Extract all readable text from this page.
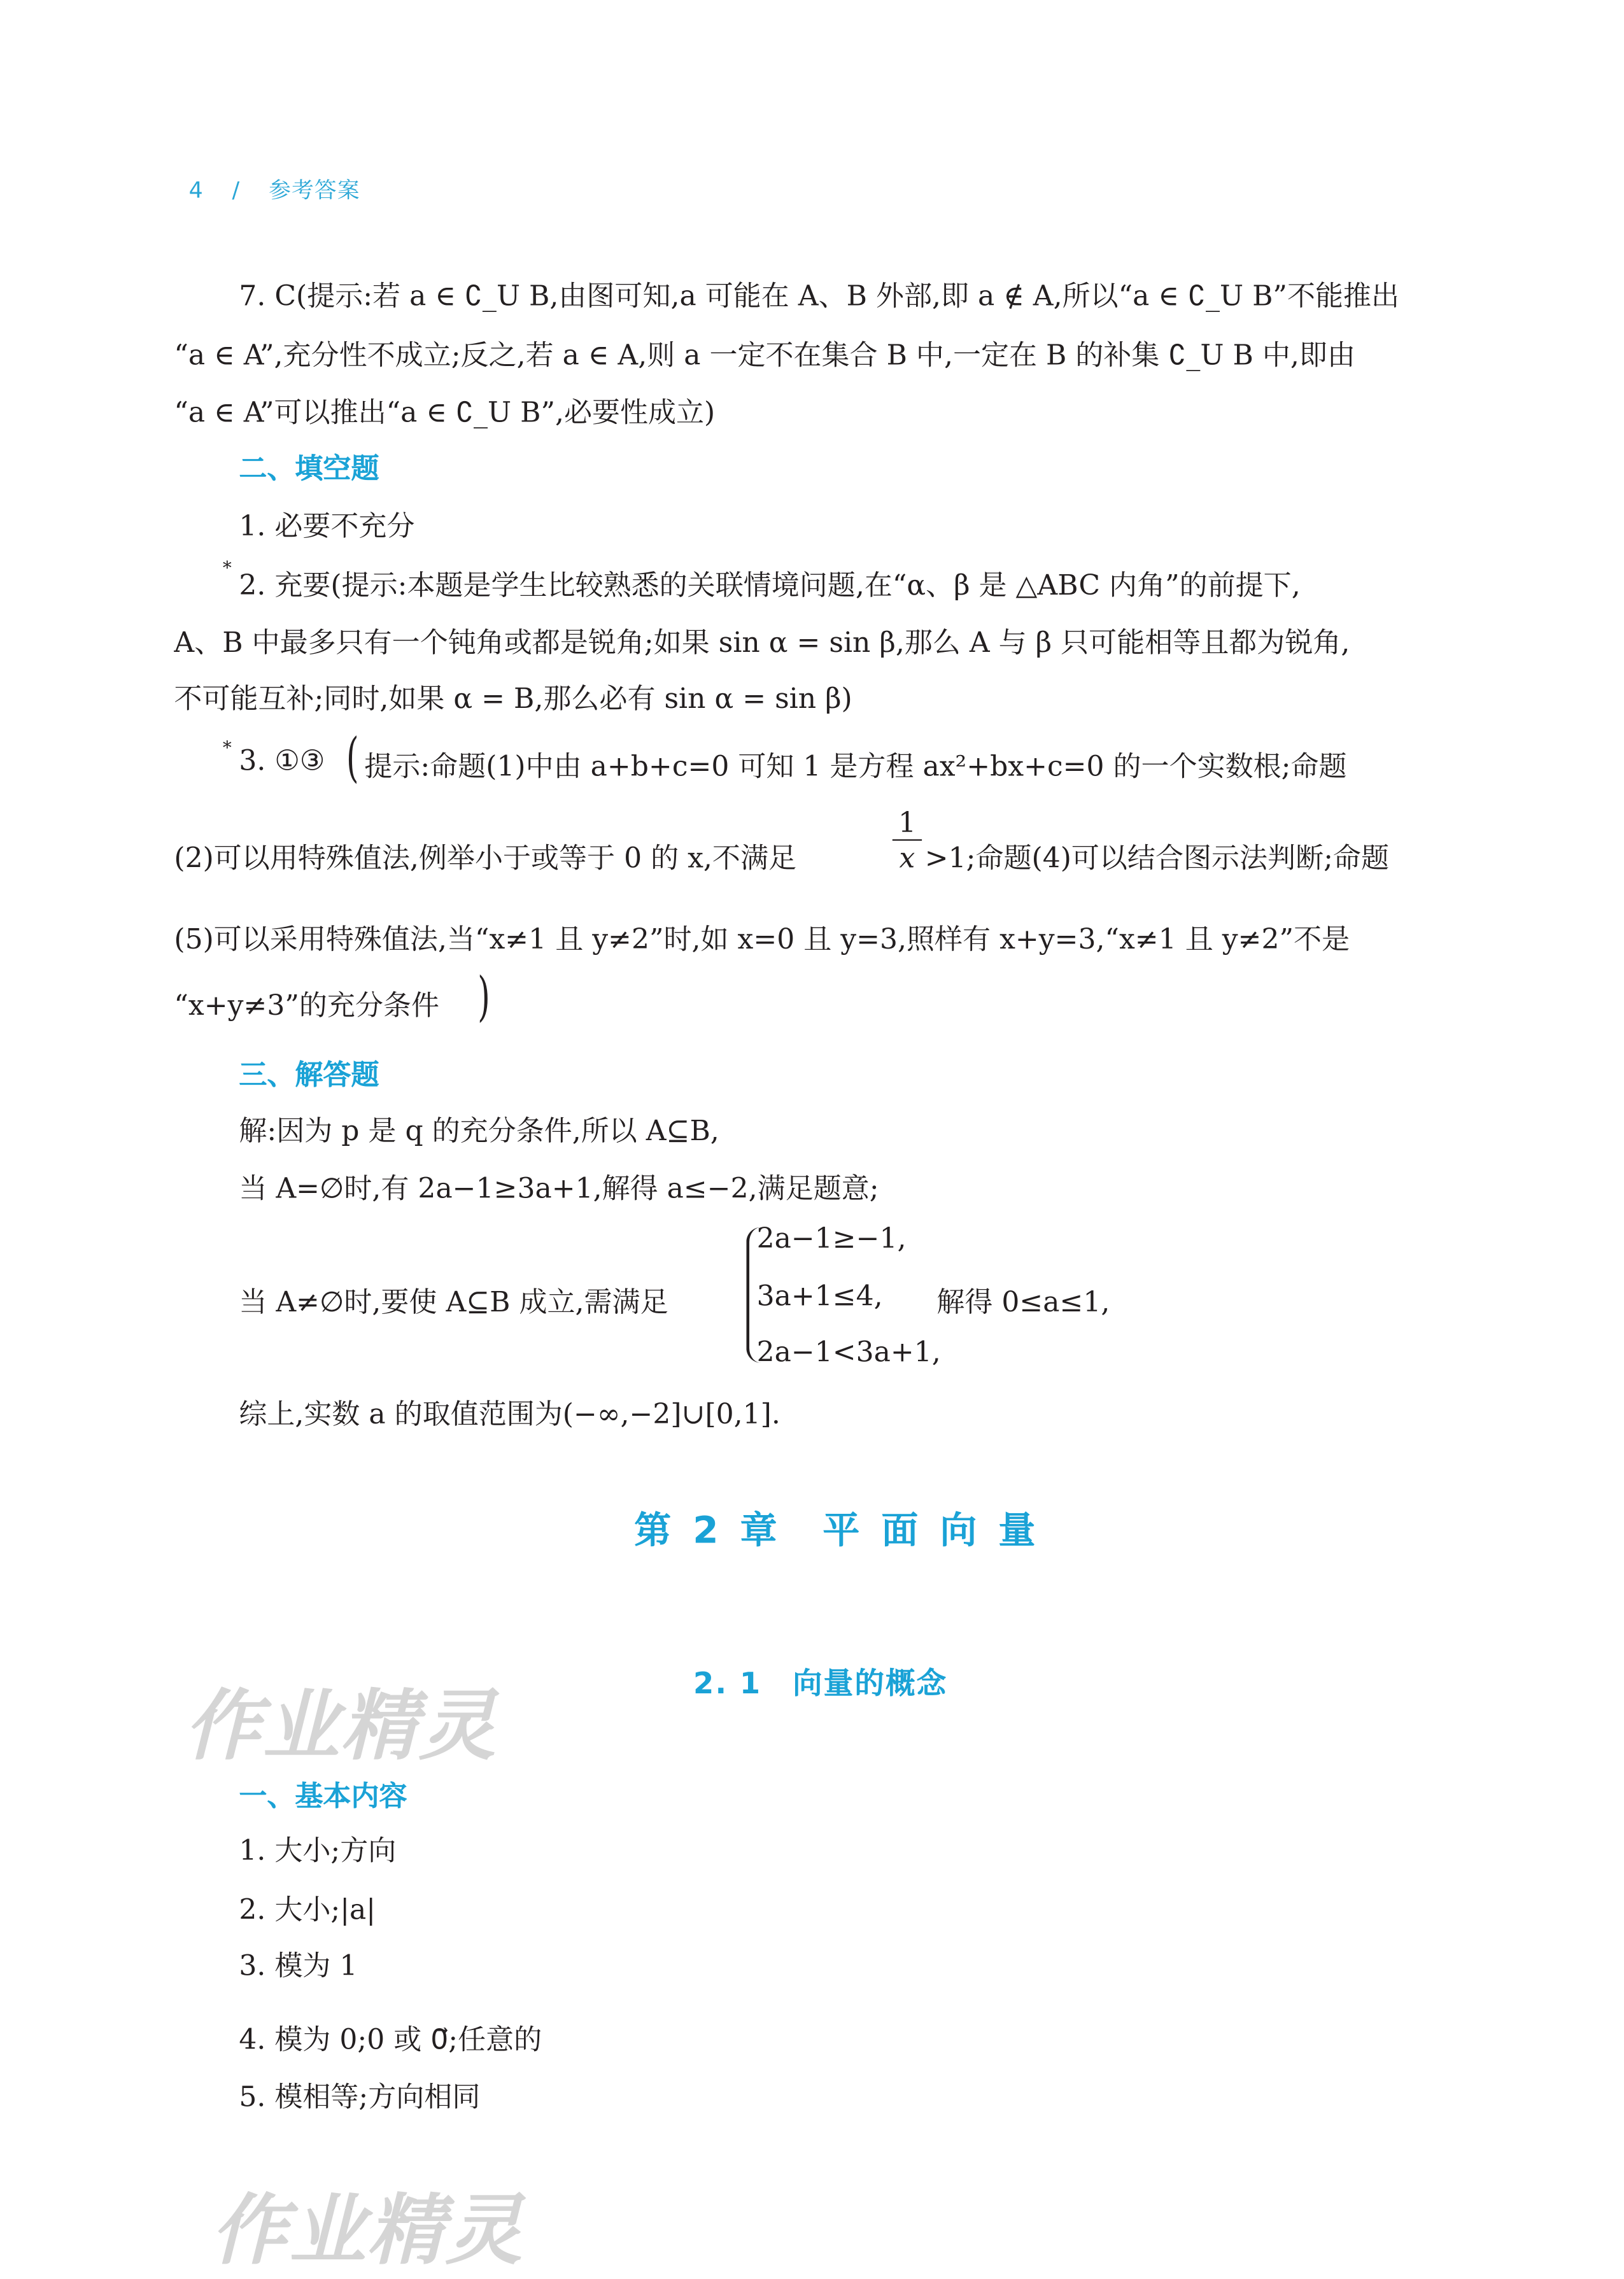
4	/	参考答案
7. C(提示:若 a ∈ ∁_U B,由图可知,a 可能在 A、B 外部,即 a ∉ A,所以“a ∈ ∁_U B”不能推出
“a ∈ A”,充分性不成立;反之,若 a ∈ A,则 a 一定不在集合 B 中,一定在 B 的补集 ∁_U B 中,即由
“a ∈ A”可以推出“a ∈ ∁_U B”,必要性成立)
二、填空题
1. 必要不充分
*
2. 充要(提示:本题是学生比较熟悉的关联情境问题,在“α、β 是 △ABC 内角”的前提下,
A、B 中最多只有一个钝角或都是锐角;如果 sin α = sin β,那么 A 与 β 只可能相等且都为锐角,
不可能互补;同时,如果 α = B,那么必有 sin α = sin β)
* 3. ①③ ( 提示:命题(1)中由 a+b+c=0 可知 1 是方程 ax²+bx+c=0 的一个实数根;命题
(2)可以用特殊值法,例举小于或等于 0 的 x,不满足	$\frac{1}{x} >1$;命题(4)可以结合图示法判断;命题
(5)可以采用特殊值法,当“x≠1 且 y≠2”时,如 x=0 且 y=3,照样有 x+y=3,“x≠1 且 y≠2”不是
“x+y≠3”的充分条件 )
三、解答题
解:因为 p 是 q 的充分条件,所以 A⊆B,
当 A=∅时,有 2a−1≥3a+1,解得 a≤−2,满足题意;
当 A≠∅时,要使 A⊆B 成立,需满足
2a−1≥−1,
3a+1≤4,
2a−1<3a+1,
解得 0≤a≤1,
综上,实数 a 的取值范围为(−∞,−2]∪[0,1].
第 2 章　平 面 向 量
作业精灵
2. 1　向量的概念
一、基本内容
1. 大小;方向
2. 大小;|a|
3. 模为 1
4. 模为 0;0 或 0⃗;任意的
5. 模相等;方向相同
作业精灵
